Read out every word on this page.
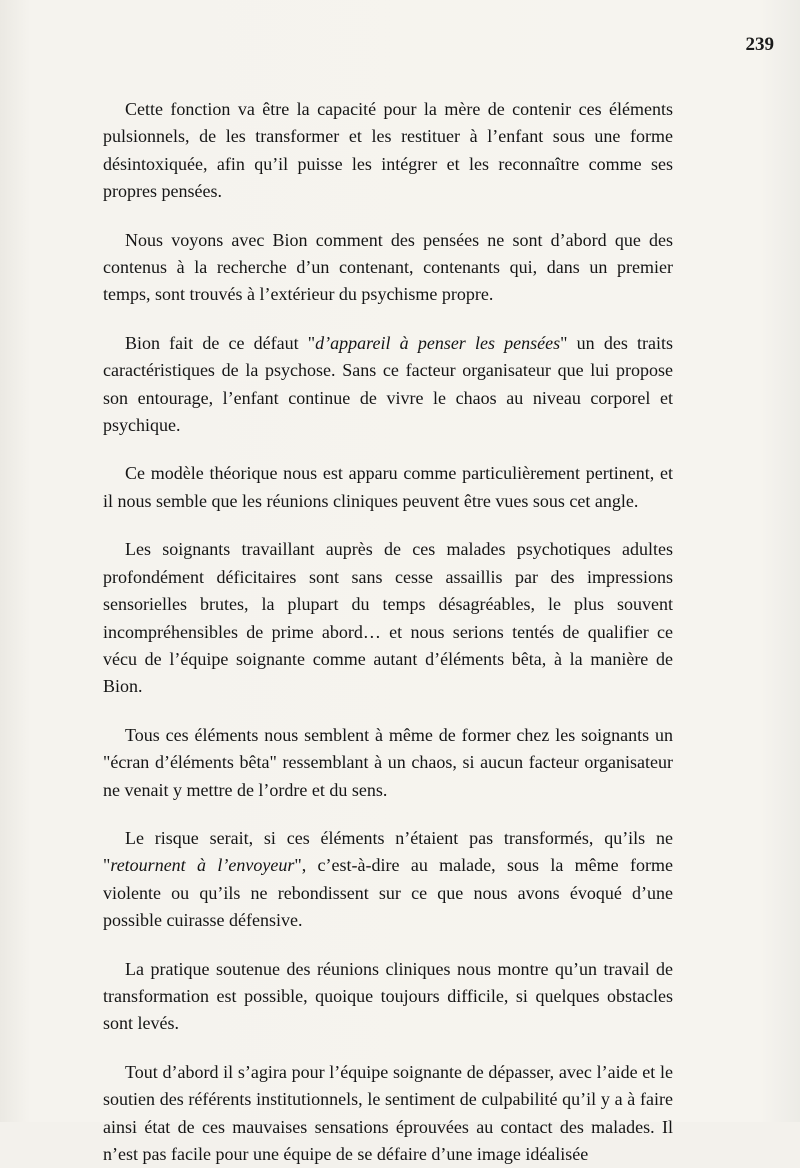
239

Cette fonction va être la capacité pour la mère de contenir ces éléments pulsionnels, de les transformer et les restituer à l’enfant sous une forme désintoxiquée, afin qu’il puisse les intégrer et les reconnaître comme ses propres pensées.

Nous voyons avec Bion comment des pensées ne sont d’abord que des contenus à la recherche d’un contenant, contenants qui, dans un premier temps, sont trouvés à l’extérieur du psychisme propre.

Bion fait de ce défaut "d’appareil à penser les pensées" un des traits caractéristiques de la psychose. Sans ce facteur organisateur que lui propose son entourage, l’enfant continue de vivre le chaos au niveau corporel et psychique.

Ce modèle théorique nous est apparu comme particulièrement pertinent, et il nous semble que les réunions cliniques peuvent être vues sous cet angle.

Les soignants travaillant auprès de ces malades psychotiques adultes profondément déficitaires sont sans cesse assaillis par des impressions sensorielles brutes, la plupart du temps désagréables, le plus souvent incompréhensibles de prime abord… et nous serions tentés de qualifier ce vécu de l’équipe soignante comme autant d’éléments bêta, à la manière de Bion.

Tous ces éléments nous semblent à même de former chez les soignants un "écran d’éléments bêta" ressemblant à un chaos, si aucun facteur organisateur ne venait y mettre de l’ordre et du sens.

Le risque serait, si ces éléments n’étaient pas transformés, qu’ils ne "retournent à l’envoyeur", c’est-à-dire au malade, sous la même forme violente ou qu’ils ne rebondissent sur ce que nous avons évoqué d’une possible cuirasse défensive.

La pratique soutenue des réunions cliniques nous montre qu’un travail de transformation est possible, quoique toujours difficile, si quelques obstacles sont levés.

Tout d’abord il s’agira pour l’équipe soignante de dépasser, avec l’aide et le soutien des référents institutionnels, le sentiment de culpabilité qu’il y a à faire ainsi état de ces mauvaises sensations éprouvées au contact des malades. Il n’est pas facile pour une équipe de se défaire d’une image idéalisée
